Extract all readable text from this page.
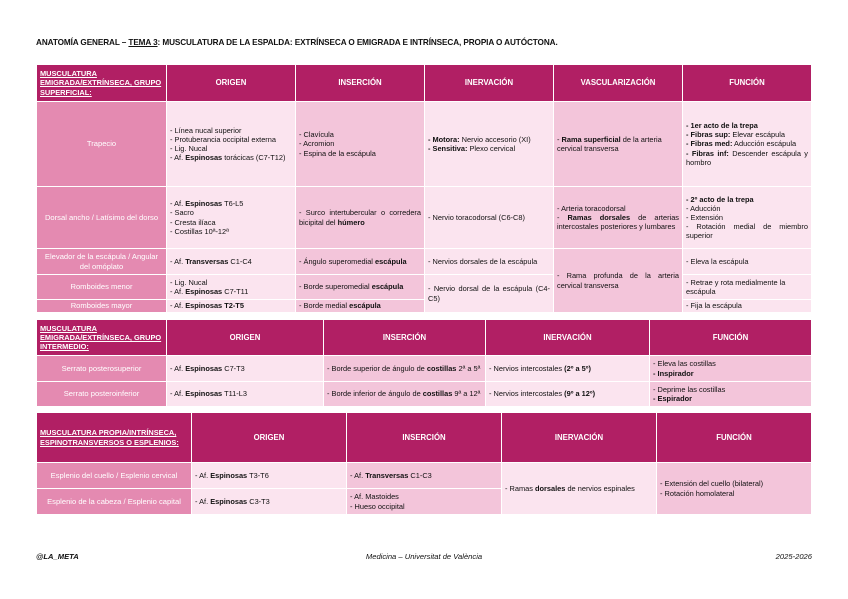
ANATOMÍA GENERAL – TEMA 3: MUSCULATURA DE LA ESPALDA: EXTRÍNSECA O EMIGRADA E INTRÍNSECA, PROPIA O AUTÓCTONA.
MUSCULATURA EMIGRADA/EXTRÍNSECA, GRUPO SUPERFICIAL:	ORIGEN	INSERCIÓN	INERVACIÓN	VASCULARIZACIÓN	FUNCIÓN
Trapecio	- Línea nucal superior
- Protuberancia occipital externa
- Lig. Nucal
- Af. Espinosas torácicas (C7-T12)	- Clavícula
- Acromion
- Espina de la escápula	- Motora: Nervio accesorio (XI)
- Sensitiva: Plexo cervical	- Rama superficial de la arteria cervical transversa	- 1er acto de la trepa
- Fibras sup: Elevar escápula
- Fibras med: Aducción escápula
- Fibras inf: Descender escápula y hombro

Dorsal ancho / Latísimo del dorso	- Af. Espinosas T6-L5
- Sacro
- Cresta ilíaca
- Costillas 10ª-12ª	- Surco intertubercular o corredera bicipital del húmero	- Nervio toracodorsal (C6-C8)	- Arteria toracodorsal
- Ramas dorsales de arterias intercostales posteriores y lumbares	- 2º acto de la trepa
- Aducción
- Extensión
- Rotación medial de miembro superior

Elevador de la escápula / Angular del omóplato	- Af. Transversas C1-C4	- Ángulo superomedial escápula	- Nervios dorsales de la escápula	- Rama profunda de la arteria cervical transversa	- Eleva la escápula
Romboides menor	- Lig. Nucal
- Af. Espinosas C7-T11	- Borde superomedial escápula	- Nervio dorsal de la escápula (C4-C5)		- Retrae y rota medialmente la escápula
Romboides mayor	- Af. Espinosas T2-T5	- Borde medial escápula			- Fija la escápula
MUSCULATURA EMIGRADA/EXTRÍNSECA, GRUPO INTERMEDIO:	ORIGEN	INSERCIÓN	INERVACIÓN	FUNCIÓN
Serrato posterosuperior	- Af. Espinosas C7-T3	- Borde superior de ángulo de costillas 2ª a 5ª	- Nervios intercostales (2º a 5º)	- Eleva las costillas
- Inspirador

Serrato posteroinferior	- Af. Espinosas T11-L3	- Borde inferior de ángulo de costillas 9ª a 12ª	- Nervios intercostales (9º a 12º)	- Deprime las costillas
- Espirador
MUSCULATURA PROPIA/INTRÍNSECA, ESPINOTRANSVERSOS O ESPLENIOS:	ORIGEN	INSERCIÓN	INERVACIÓN	FUNCIÓN
Esplenio del cuello / Esplenio cervical	- Af. Espinosas T3-T6	- Af. Transversas C1-C3	- Ramas dorsales de nervios espinales	- Extensión del cuello (bilateral)
- Rotación homolateral

Esplenio de la cabeza / Esplenio capital	- Af. Espinosas C3-T3	- Af. Mastoides
- Hueso occipital		
@LA_META	Medicina – Universitat de València	2025-2026
